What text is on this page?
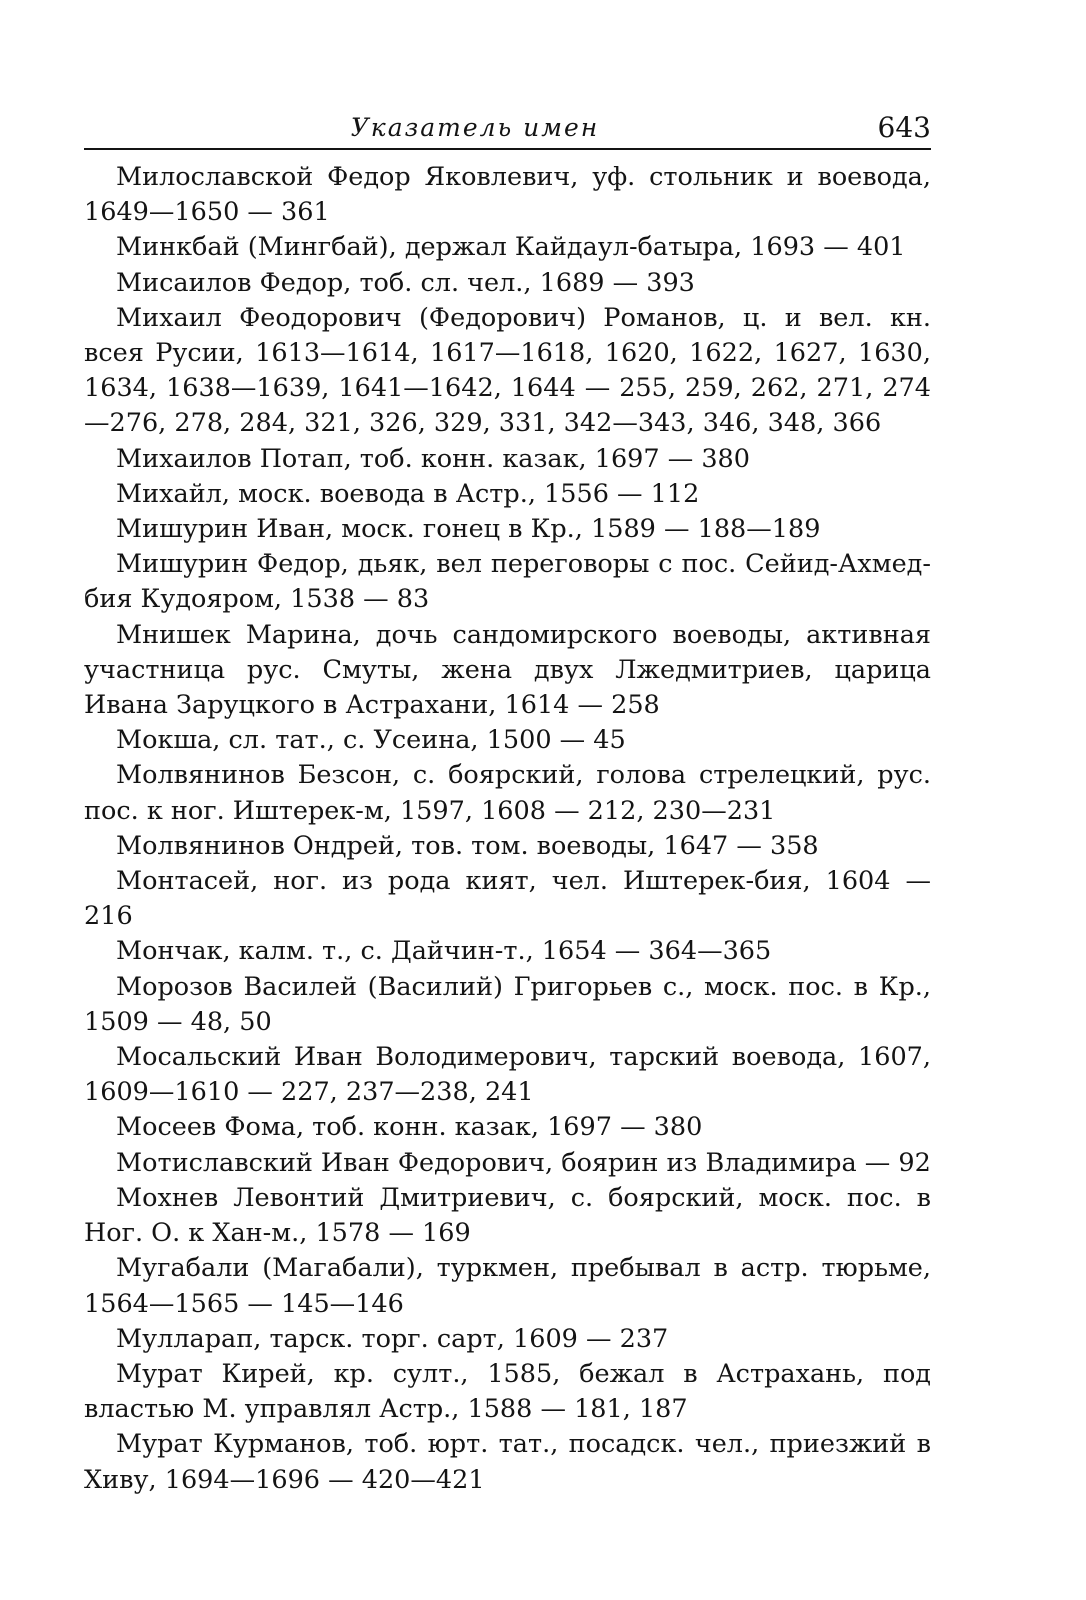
Указатель имен	643

Милославской Федор Яковлевич, уф. стольник и воевода, 1649—1650 — 361

Минкбай (Мингбай), держал Кайдаул-батыра, 1693 — 401

Мисаилов Федор, тоб. сл. чел., 1689 — 393

Михаил Феодорович (Федорович) Романов, ц. и вел. кн. всея Русии, 1613—1614, 1617—1618, 1620, 1622, 1627, 1630, 1634, 1638—1639, 1641—1642, 1644 — 255, 259, 262, 271, 274—276, 278, 284, 321, 326, 329, 331, 342—343, 346, 348, 366

Михаилов Потап, тоб. конн. казак, 1697 — 380

Михайл, моск. воевода в Астр., 1556 — 112

Мишурин Иван, моск. гонец в Кр., 1589 — 188—189

Мишурин Федор, дьяк, вел переговоры с пос. Сейид-Ахмед-бия Кудояром, 1538 — 83

Мнишек Марина, дочь сандомирского воеводы, активная участница рус. Смуты, жена двух Лжедмитриев, царица Ивана Заруцкого в Астрахани, 1614 — 258

Мокша, сл. тат., с. Усеина, 1500 — 45

Молвянинов Безсон, с. боярский, голова стрелецкий, рус. пос. к ног. Иштерек-м, 1597, 1608 — 212, 230—231

Молвянинов Ондрей, тов. том. воеводы, 1647 — 358

Монтасей, ног. из рода кият, чел. Иштерек-бия, 1604 — 216

Мончак, калм. т., с. Дайчин-т., 1654 — 364—365

Морозов Василей (Василий) Григорьев с., моск. пос. в Кр., 1509 — 48, 50

Мосальский Иван Володимерович, тарский воевода, 1607, 1609—1610 — 227, 237—238, 241

Мосеев Фома, тоб. конн. казак, 1697 — 380

Мотиславский Иван Федорович, боярин из Владимира — 92

Мохнев Левонтий Дмитриевич, с. боярский, моск. пос. в Ног. О. к Хан-м., 1578 — 169

Мугабали (Магабали), туркмен, пребывал в астр. тюрьме, 1564—1565 — 145—146

Мулларап, тарск. торг. сарт, 1609 — 237

Мурат Кирей, кр. султ., 1585, бежал в Астрахань, под властью М. управлял Астр., 1588 — 181, 187

Мурат Курманов, тоб. юрт. тат., посадск. чел., приезжий в Хиву, 1694—1696 — 420—421
